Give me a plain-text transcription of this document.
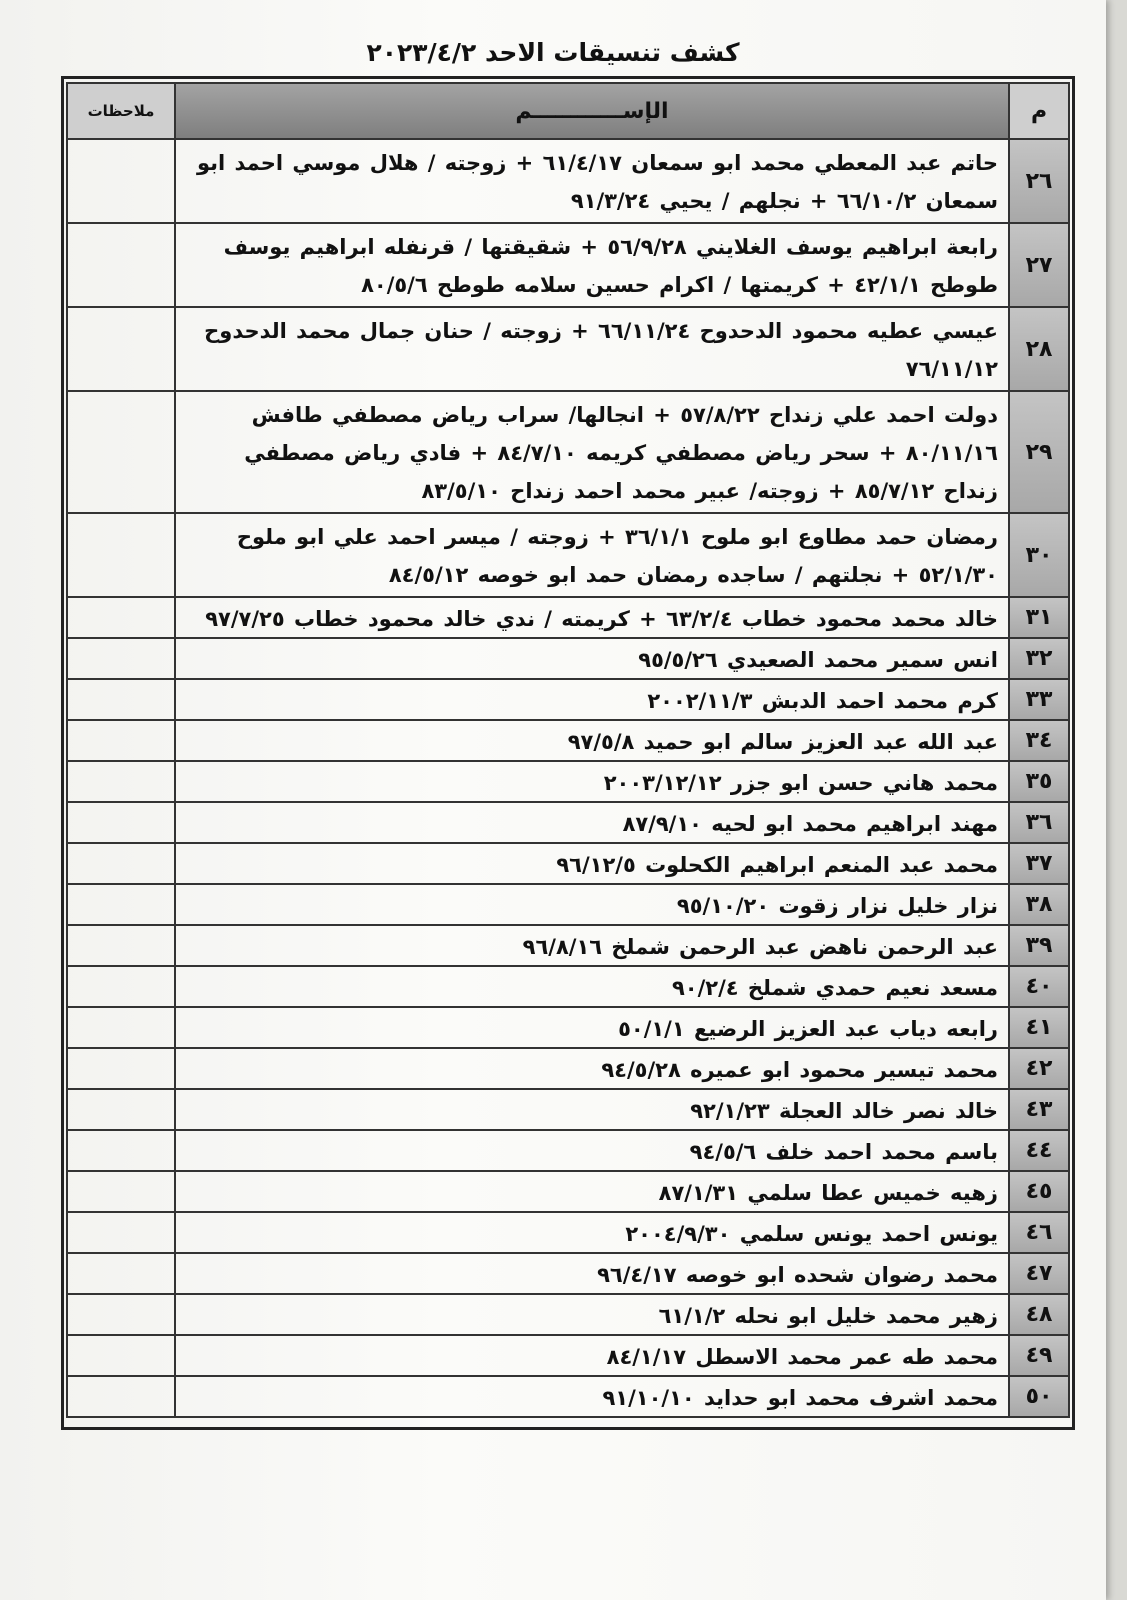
كشف تنسيقات الاحد ٢٠٢٣/٤/٢
م	الإســــــــــــم	ملاحظات
٢٦	حاتم عبد المعطي محمد ابو سمعان ٦١/٤/١٧ + زوجته / هلال موسي احمد ابو سمعان ٦٦/١٠/٢ + نجلهم / يحيي ٩١/٣/٢٤	
٢٧	رابعة ابراهيم يوسف الغلايني ٥٦/٩/٢٨ + شقيقتها / قرنفله ابراهيم يوسف طوطح ٤٢/١/١ + كريمتها / اكرام حسين سلامه طوطح ٨٠/٥/٦	
٢٨	عيسي عطيه محمود الدحدوح ٦٦/١١/٢٤ + زوجته / حنان جمال محمد الدحدوح ٧٦/١١/١٢	
٢٩	دولت احمد علي زنداح ٥٧/٨/٢٢ + انجالها/ سراب رياض مصطفي طافش ٨٠/١١/١٦ + سحر رياض مصطفي كريمه ٨٤/٧/١٠ + فادي رياض مصطفي زنداح ٨٥/٧/١٢ + زوجته/ عبير محمد احمد زنداح ٨٣/٥/١٠	
٣٠	رمضان حمد مطاوع ابو ملوح ٣٦/١/١ + زوجته / ميسر احمد علي ابو ملوح ٥٢/١/٣٠ + نجلتهم / ساجده رمضان حمد ابو خوصه ٨٤/٥/١٢	
٣١	خالد محمد محمود خطاب ٦٣/٢/٤ + كريمته / ندي خالد محمود خطاب ٩٧/٧/٢٥	
٣٢	انس سمير محمد الصعيدي ٩٥/٥/٢٦	
٣٣	كرم محمد احمد الدبش ٢٠٠٢/١١/٣	
٣٤	عبد الله عبد العزيز سالم ابو حميد ٩٧/٥/٨	
٣٥	محمد هاني حسن ابو جزر ٢٠٠٣/١٢/١٢	
٣٦	مهند ابراهيم محمد ابو لحيه ٨٧/٩/١٠	
٣٧	محمد عبد المنعم ابراهيم الكحلوت ٩٦/١٢/٥	
٣٨	نزار خليل نزار زقوت ٩٥/١٠/٢٠	
٣٩	عبد الرحمن ناهض عبد الرحمن شملخ ٩٦/٨/١٦	
٤٠	مسعد نعيم حمدي شملخ ٩٠/٢/٤	
٤١	رابعه دياب عبد العزيز الرضيع ٥٠/١/١	
٤٢	محمد تيسير محمود ابو عميره ٩٤/٥/٢٨	
٤٣	خالد نصر خالد العجلة ٩٢/١/٢٣	
٤٤	باسم محمد احمد خلف ٩٤/٥/٦	
٤٥	زهيه خميس عطا سلمي ٨٧/١/٣١	
٤٦	يونس احمد يونس سلمي ٢٠٠٤/٩/٣٠	
٤٧	محمد رضوان شحده ابو خوصه ٩٦/٤/١٧	
٤٨	زهير محمد خليل ابو نحله ٦١/١/٢	
٤٩	محمد طه عمر محمد الاسطل ٨٤/١/١٧	
٥٠	محمد اشرف محمد ابو حدايد ٩١/١٠/١٠	
